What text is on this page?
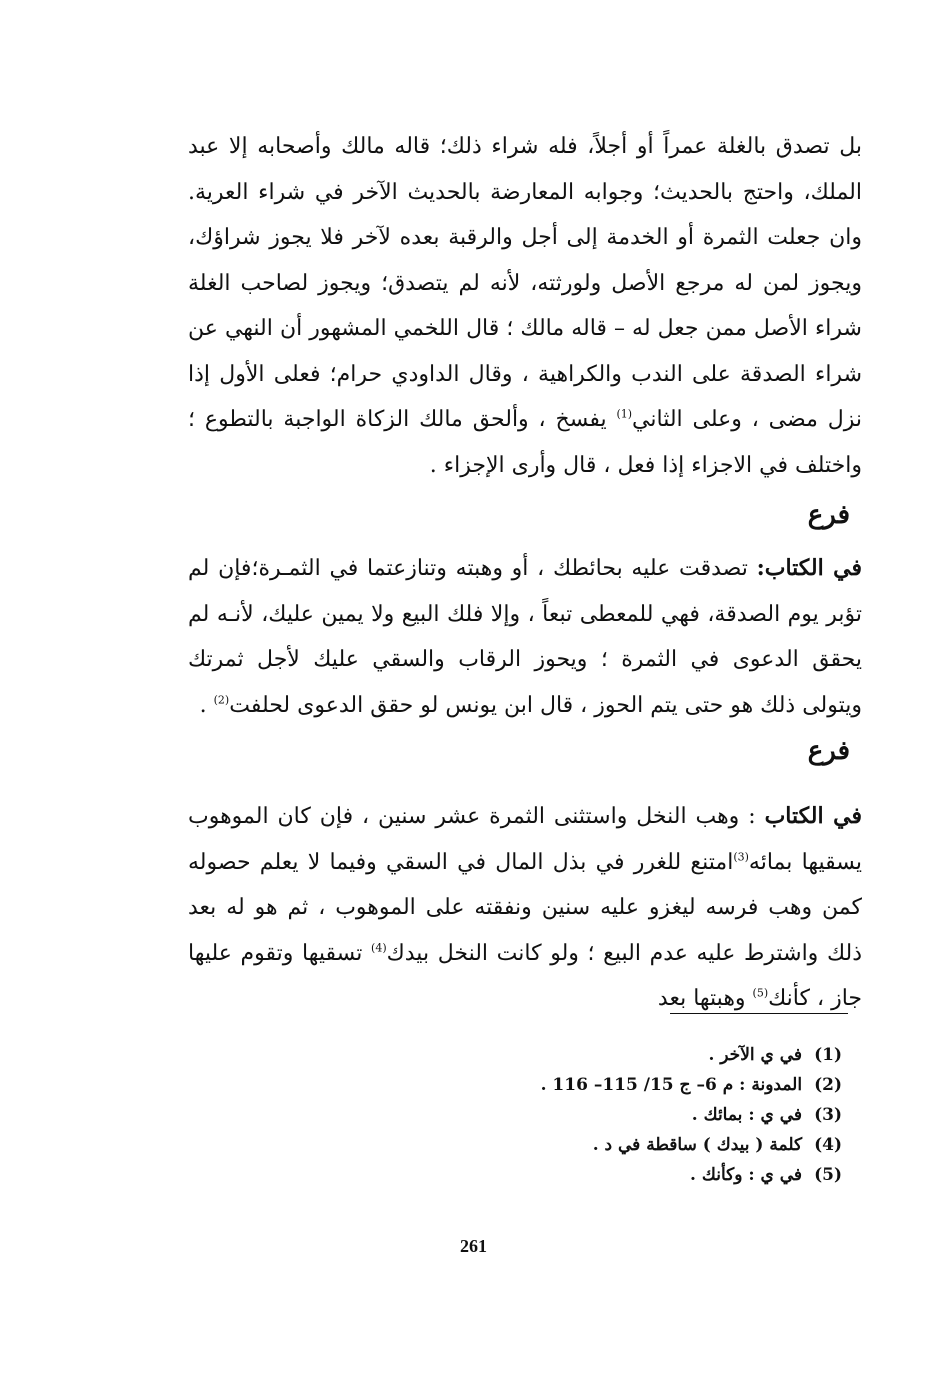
بل تصدق بالغلة عمراً أو أجلاً، فله شراء ذلك؛ قاله مالك وأصحابه إلا عبد الملك، واحتج بالحديث؛ وجوابه المعارضة بالحديث الآخر في شراء العرية. وان جعلت الثمرة أو الخدمة إلى أجل والرقبة بعده لآخر فلا يجوز شراؤك، ويجوز لمن له مرجع الأصل ولورثته، لأنه لم يتصدق؛ ويجوز لصاحب الغلة شراء الأصل ممن جعل له – قاله مالك ؛ قال اللخمي المشهور أن النهي عن شراء الصدقة على الندب والكراهية ، وقال الداودي حرام؛ فعلى الأول إذا نزل مضى ، وعلى الثاني$^{(1)}$ يفسخ ، وألحق مالك الزكاة الواجبة بالتطوع ؛ واختلف في الاجزاء إذا فعل ، قال وأرى الإجزاء .

فرع

في الكتاب: تصدقت عليه بحائطك ، أو وهبته وتنازعتما في الثمـرة؛فإن لم تؤبر يوم الصدقة، فهي للمعطى تبعاً ، وإلا فلك البيع ولا يمين عليك، لأنـه لم يحقق الدعوى في الثمرة ؛ ويحوز الرقاب والسقي عليك لأجل ثمرتك ويتولى ذلك هو حتى يتم الحوز ، قال ابن يونس لو حقق الدعوى لحلفت$^{(2)}$ .

فرع

في الكتاب : وهب النخل واستثنى الثمرة عشر سنين ، فإن كان الموهوب يسقيها بمائه$^{(3)}$امتنع للغرر في بذل المال في السقي وفيما لا يعلم حصوله كمن وهب فرسه ليغزو عليه سنين ونفقته على الموهوب ، ثم هو له بعد ذلك واشترط عليه عدم البيع ؛ ولو كانت النخل بيدك$^{(4)}$ تسقيها وتقوم عليها جاز ، كأنك$^{(5)}$ وهبتها بعد

(1)
في ي الآخر .
(2)
المدونة : م 6– ج 15/ 115– 116 .
(3)
في ي : بمائك .
(4)
كلمة ( بيدك ) ساقطة في د .
(5)
في ي : وكأنك .
261
